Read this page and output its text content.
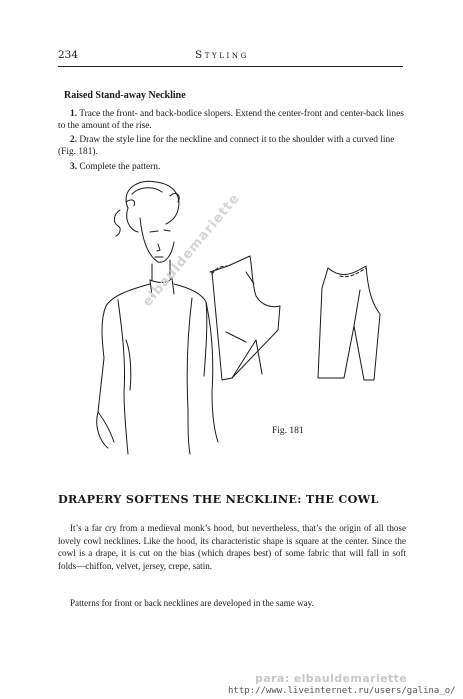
234	Styling
Raised Stand-away Neckline
1. Trace the front- and back-bodice slopers. Extend the center-front and center-back lines to the amount of the rise.
2. Draw the style line for the neckline and connect it to the shoulder with a curved line (Fig. 181).
3. Complete the pattern.
Fig. 181
DRAPERY SOFTENS THE NECKLINE: THE COWL
It’s a far cry from a medieval monk’s hood, but nevertheless, that’s the origin of all those lovely cowl necklines. Like the hood, its characteristic shape is square at the center. Since the cowl is a drape, it is cut on the bias (which drapes best) of some fabric that will fall in soft folds—chiffon, velvet, jersey, crepe, satin.
Patterns for front or back necklines are developed in the same way.
elbauldemariette
para: elbauldemariette
http://www.liveinternet.ru/users/galina_o/
